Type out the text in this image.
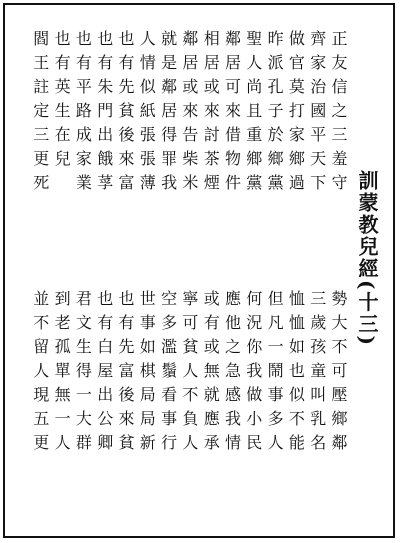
訓蒙教兒經(十三)
正友信之三羞守
勢大不可壓鄉鄰
齊家治國平天下
三歲孩童叫乳名
做官莫打家鄉過
恤恤如也似不能
昨派孔子於鄉黨
但凡一鬧事多人
聖人尚且重鄉黨
何況你我做小民
鄰居可來借物件
應他之急感我情
相居或來討茶煙
或有或無就應承
鄰居或來告柴米
寧可貧人不負人
就是鄰居得罪我
空多濫鬚看事行
人情似紙張張薄
世事如棋局局新
也有先貧後來富
也有先富後來貧
也有朱門出餓莩
也有白屋出公卿
也有平路成家業
君文生得一大群
也有英生在兒
到老孤單無一人
閻王註定三更死
並不留人現五更
